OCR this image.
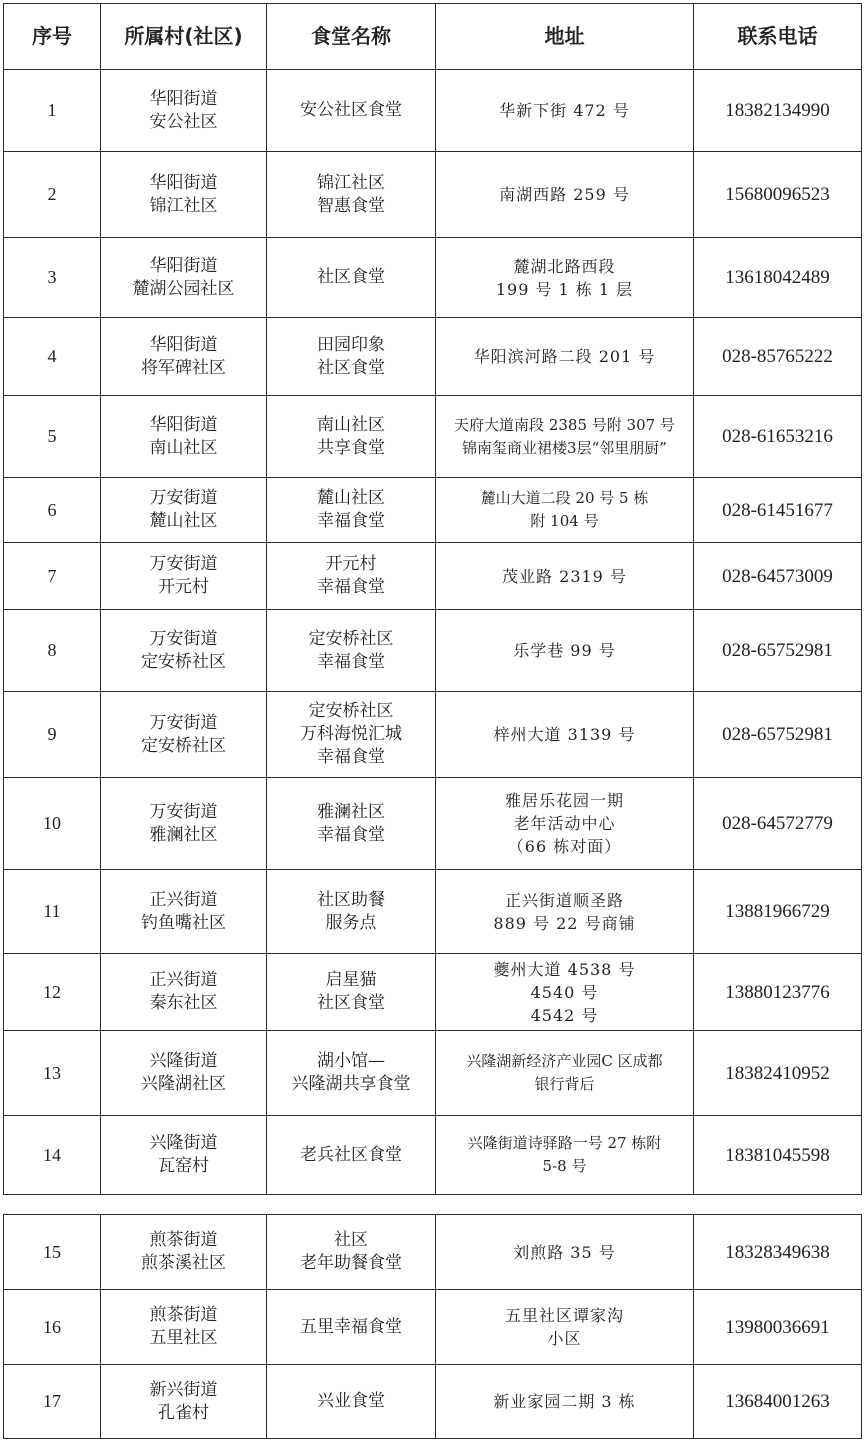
序号	所属村(社区)	食堂名称	地址	联系电话

1	华阳街道
安公社区	安公社区食堂	华新下街 472 号	18382134990

2	华阳街道
锦江社区	锦江社区
智惠食堂	南湖西路 259 号	15680096523

3	华阳街道
麓湖公园社区	社区食堂	麓湖北路西段
199 号 1 栋 1 层	13618042489

4	华阳街道
将军碑社区	田园印象
社区食堂	华阳滨河路二段 201 号	028-85765222

5	华阳街道
南山社区	南山社区
共享食堂	天府大道南段 2385 号附 307 号
锦南玺商业裙楼3层“邻里朋厨”	028-61653216

6	万安街道
麓山社区	麓山社区
幸福食堂	麓山大道二段 20 号 5 栋
附 104 号	028-61451677

7	万安街道
开元村	开元村
幸福食堂	茂业路 2319 号	028-64573009

8	万安街道
定安桥社区	定安桥社区
幸福食堂	乐学巷 99 号	028-65752981

9	万安街道
定安桥社区	定安桥社区
万科海悦汇城
幸福食堂	梓州大道 3139 号	028-65752981

10	万安街道
雅澜社区	雅澜社区
幸福食堂	雅居乐花园一期
老年活动中心
（66 栋对面）	028-64572779

11	正兴街道
钓鱼嘴社区	社区助餐
服务点	正兴街道顺圣路
889 号 22 号商铺	13881966729

12	正兴街道
秦东社区	启星猫
社区食堂	夔州大道 4538 号
4540 号
4542 号	13880123776

13	兴隆街道
兴隆湖社区	湖小馆—
兴隆湖共享食堂	兴隆湖新经济产业园C 区成都
银行背后	18382410952

14	兴隆街道
瓦窑村	老兵社区食堂	兴隆街道诗驿路一号 27 栋附
5-8 号	18381045598
15	煎茶街道
煎茶溪社区	社区
老年助餐食堂	刘煎路 35 号	18328349638

16	煎茶街道
五里社区	五里幸福食堂	五里社区谭家沟
小区	13980036691

17	新兴街道
孔雀村	兴业食堂	新业家园二期 3 栋	13684001263
